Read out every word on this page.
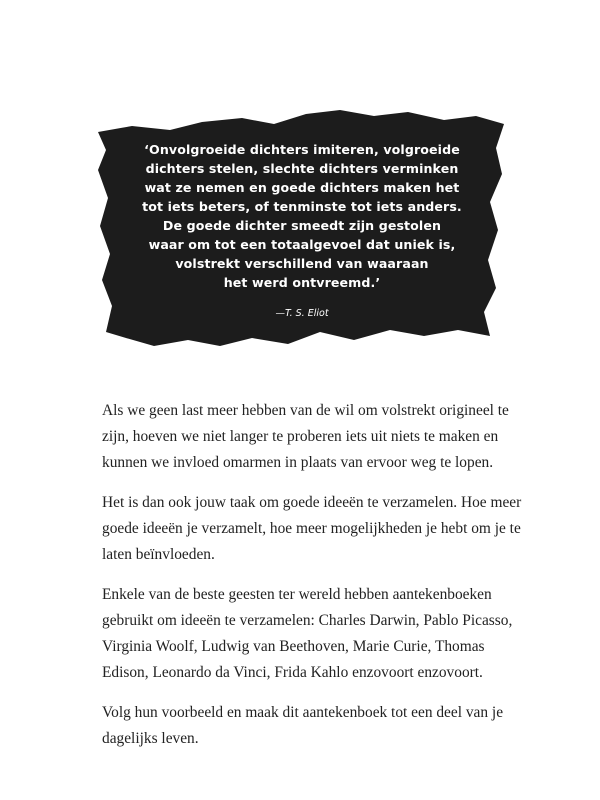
‘Onvolgroeide dichters imiteren, volgroeide
dichters stelen, slechte dichters verminken
wat ze nemen en goede dichters maken het
tot iets beters, of tenminste tot iets anders.
De goede dichter smeedt zijn gestolen
waar om tot een totaalgevoel dat uniek is,
volstrekt verschillend van waaraan
het werd ontvreemd.’
—T. S. Eliot

Als we geen last meer hebben van de wil om volstrekt origineel te
zijn, hoeven we niet langer te proberen iets uit niets te maken en
kunnen we invloed omarmen in plaats van ervoor weg te lopen.

Het is dan ook jouw taak om goede ideeën te verzamelen. Hoe meer
goede ideeën je verzamelt, hoe meer mogelijkheden je hebt om je te
laten beïnvloeden.

Enkele van de beste geesten ter wereld hebben aantekenboeken
gebruikt om ideeën te verzamelen: Charles Darwin, Pablo Picasso,
Virginia Woolf, Ludwig van Beethoven, Marie Curie, Thomas
Edison, Leonardo da Vinci, Frida Kahlo enzovoort enzovoort.

Volg hun voorbeeld en maak dit aantekenboek tot een deel van je
dagelijks leven.
